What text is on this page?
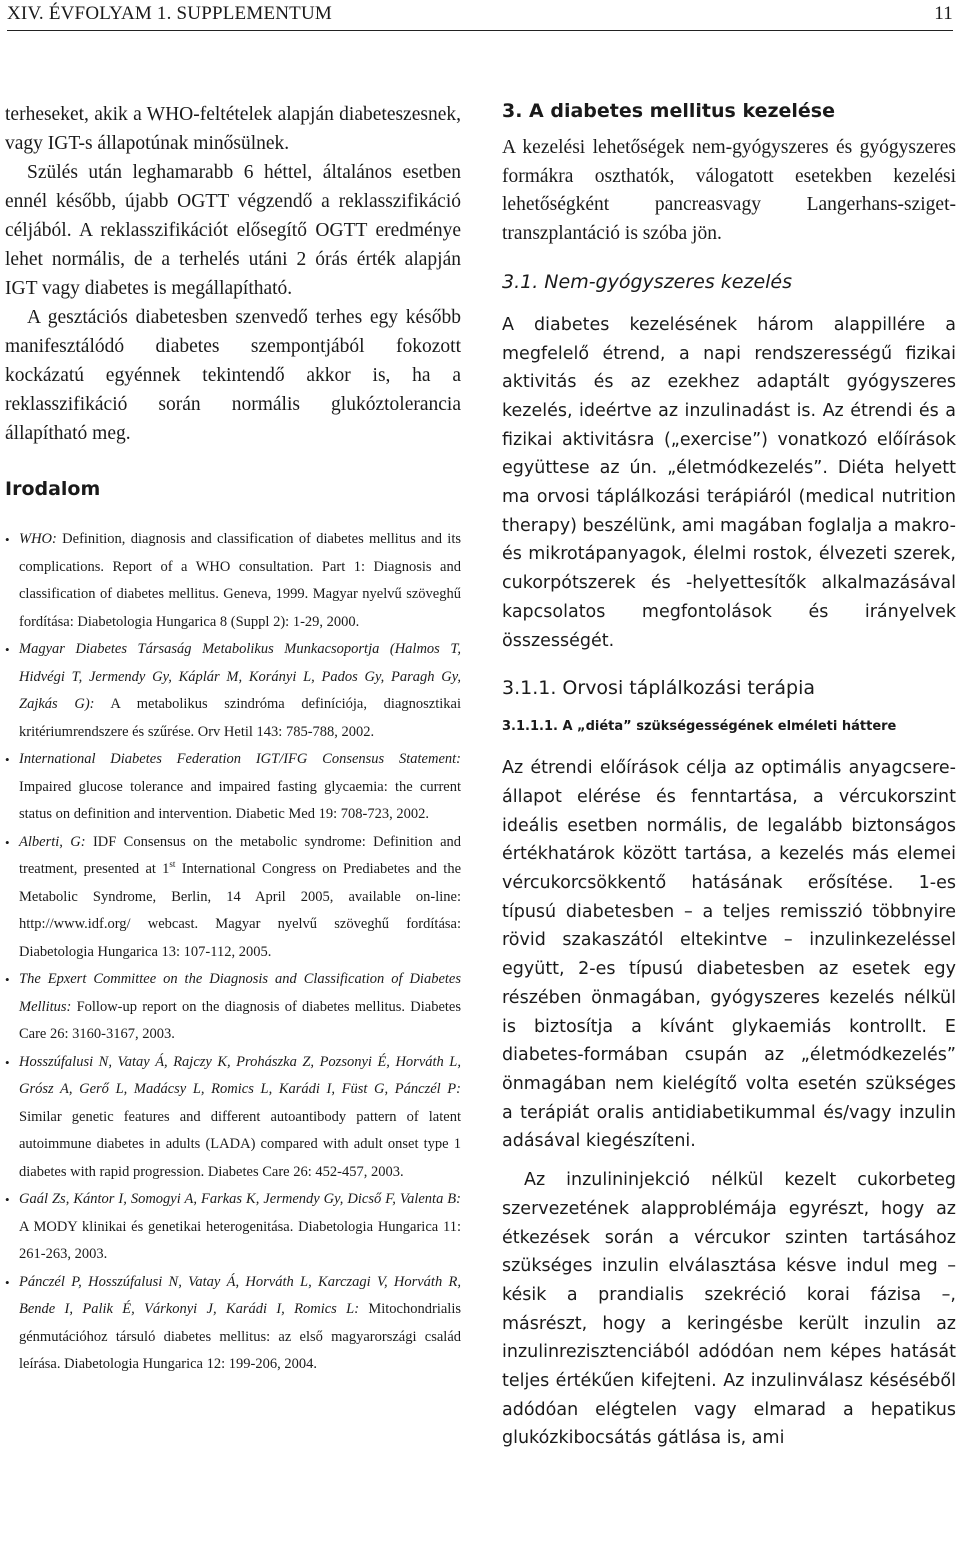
XIV. ÉVFOLYAM 1. SUPPLEMENTUM	11
terheseket, akik a WHO-feltételek alapján diabeteszesnek, vagy IGT-s állapotúnak minősülnek.
Szülés után leghamarabb 6 héttel, általános esetben ennél később, újabb OGTT végzendő a reklasszifikáció céljából. A reklasszifikációt elősegítő OGTT eredménye lehet normális, de a terhelés utáni 2 órás érték alapján IGT vagy diabetes is megállapítható.
A gesztációs diabetesben szenvedő terhes egy később manifesztálódó diabetes szempontjából fokozott kockázatú egyénnek tekintendő akkor is, ha a reklasszifikáció során normális glukóztolerancia állapítható meg.
Irodalom
• WHO: Definition, diagnosis and classification of diabetes mellitus and its complications. Report of a WHO consultation. Part 1: Diagnosis and classification of diabetes mellitus. Geneva, 1999. Magyar nyelvű szöveghű fordítása: Diabetologia Hungarica 8 (Suppl 2): 1-29, 2000.
• Magyar Diabetes Társaság Metabolikus Munkacsoportja (Halmos T, Hidvégi T, Jermendy Gy, Káplár M, Korányi L, Pados Gy, Paragh Gy, Zajkás G): A metabolikus szindróma definíciója, diagnosztikai kritériumrendszere és szűrése. Orv Hetil 143: 785-788, 2002.
• International Diabetes Federation IGT/IFG Consensus Statement: Impaired glucose tolerance and impaired fasting glycaemia: the current status on definition and intervention. Diabetic Med 19: 708-723, 2002.
• Alberti, G: IDF Consensus on the metabolic syndrome: Definition and treatment, presented at 1st International Congress on Prediabetes and the Metabolic Syndrome, Berlin, 14 April 2005, available on-line: http://www.idf.org/ webcast. Magyar nyelvű szöveghű fordítása: Diabetologia Hungarica 13: 107-112, 2005.
• The Epxert Committee on the Diagnosis and Classification of Diabetes Mellitus: Follow-up report on the diagnosis of diabetes mellitus. Diabetes Care 26: 3160-3167, 2003.
• Hosszúfalusi N, Vatay Á, Rajczy K, Prohászka Z, Pozsonyi É, Horváth L, Grósz A, Gerő L, Madácsy L, Romics L, Karádi I, Füst G, Pánczél P: Similar genetic features and different autoantibody pattern of latent autoimmune diabetes in adults (LADA) compared with adult onset type 1 diabetes with rapid progression. Diabetes Care 26: 452-457, 2003.
• Gaál Zs, Kántor I, Somogyi A, Farkas K, Jermendy Gy, Dicső F, Valenta B: A MODY klinikai és genetikai heterogenitása. Diabetologia Hungarica 11: 261-263, 2003.
• Pánczél P, Hosszúfalusi N, Vatay Á, Horváth L, Karczagi V, Horváth R, Bende I, Palik É, Várkonyi J, Karádi I, Romics L: Mitochondrialis génmutációhoz társuló diabetes mellitus: az első magyarországi család leírása. Diabetologia Hungarica 12: 199-206, 2004.
3. A diabetes mellitus kezelése
A kezelési lehetőségek nem-gyógyszeres és gyógyszeres formákra oszthatók, válogatott esetekben kezelési lehetőségként pancreasvagy Langerhans-sziget-transzplantáció is szóba jön.
3.1. Nem-gyógyszeres kezelés
A diabetes kezelésének három alappillére a megfelelő étrend, a napi rendszerességű fizikai aktivitás és az ezekhez adaptált gyógyszeres kezelés, ideértve az inzulinadást is. Az étrendi és a fizikai aktivitásra („exercise”) vonatkozó előírások együttese az ún. „életmódkezelés”. Diéta helyett ma orvosi táplálkozási terápiáról (medical nutrition therapy) beszélünk, ami magában foglalja a makro- és mikrotápanyagok, élelmi rostok, élvezeti szerek, cukorpótszerek és -helyettesítők alkalmazásával kapcsolatos megfontolások és irányelvek összességét.
3.1.1. Orvosi táplálkozási terápia
3.1.1.1. A „diéta” szükségességének elméleti háttere
Az étrendi előírások célja az optimális anyagcsere-állapot elérése és fenntartása, a vércukorszint ideális esetben normális, de legalább biztonságos értékhatárok között tartása, a kezelés más elemei vércukorcsökkentő hatásának erősítése. 1-es típusú diabetesben – a teljes remisszió többnyire rövid szakaszától eltekintve – inzulinkezeléssel együtt, 2-es típusú diabetesben az esetek egy részében önmagában, gyógyszeres kezelés nélkül is biztosítja a kívánt glykaemiás kontrollt. E diabetes-formában csupán az „életmódkezelés” önmagában nem kielégítő volta esetén szükséges a terápiát oralis antidiabetikummal és/vagy inzulin adásával kiegészíteni.
Az inzulininjekció nélkül kezelt cukorbeteg szervezetének alapproblémája egyrészt, hogy az étkezések során a vércukor szinten tartásához szükséges inzulin elválasztása késve indul meg – késik a prandialis szekréció korai fázisa –, másrészt, hogy a keringésbe került inzulin az inzulinrezisztenciából adódóan nem képes hatását teljes értékűen kifejteni. Az inzulinválasz késéséből adódóan elégtelen vagy elmarad a hepatikus glukózkibocsátás gátlása is, ami
